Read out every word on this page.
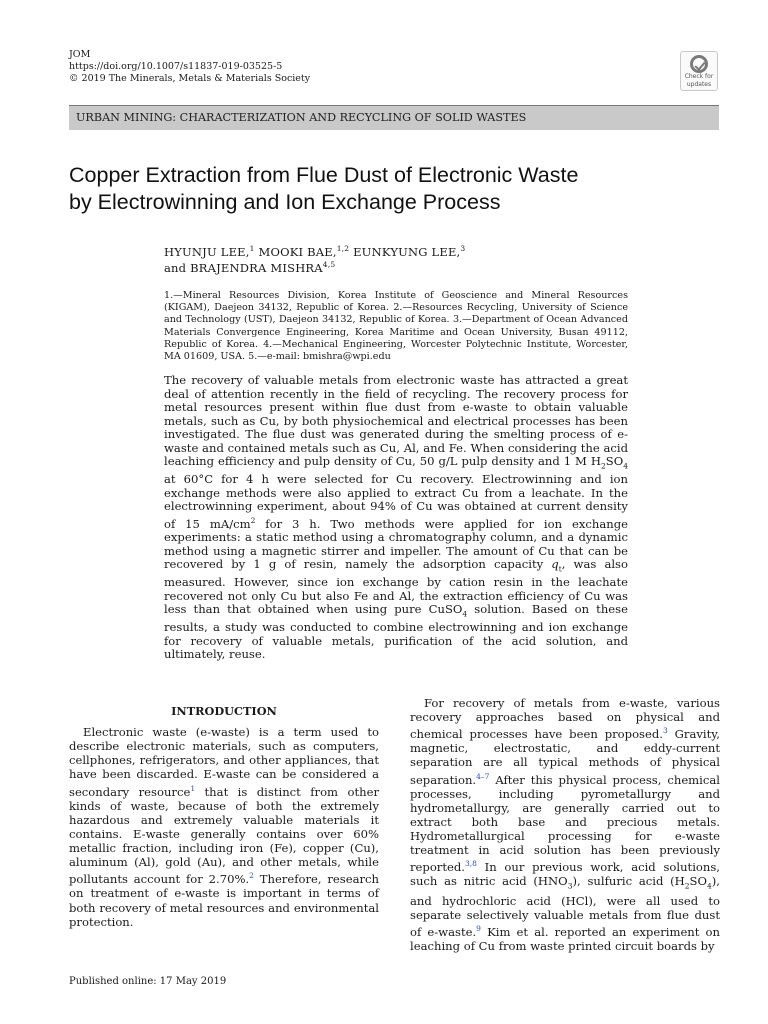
JOM
https://doi.org/10.1007/s11837-019-03525-5
© 2019 The Minerals, Metals & Materials Society	Check for
updates
URBAN MINING: CHARACTERIZATION AND RECYCLING OF SOLID WASTES
Copper Extraction from Flue Dust of Electronic Waste
by Electrowinning and Ion Exchange Process
HYUNJU LEE,$^1$ MOOKI BAE,$^{1,2}$ EUNKYUNG LEE,$^3$
and BRAJENDRA MISHRA$^{4,5}$
1.—Mineral Resources Division, Korea Institute of Geoscience and Mineral Resources (KIGAM), Daejeon 34132, Republic of Korea. 2.—Resources Recycling, University of Science and Technology (UST), Daejeon 34132, Republic of Korea. 3.—Department of Ocean Advanced Materials Convergence Engineering, Korea Maritime and Ocean University, Busan 49112, Republic of Korea. 4.—Mechanical Engineering, Worcester Polytechnic Institute, Worcester, MA 01609, USA. 5.—e-mail: bmishra@wpi.edu
The recovery of valuable metals from electronic waste has attracted a great deal of attention recently in the field of recycling. The recovery process for metal resources present within flue dust from e-waste to obtain valuable metals, such as Cu, by both physiochemical and electrical processes has been investigated. The flue dust was generated during the smelting process of e-waste and contained metals such as Cu, Al, and Fe. When considering the acid leaching efficiency and pulp density of Cu, 50 g/L pulp density and 1 M $H_2SO_4$ at 60°C for 4 h were selected for Cu recovery. Electrowinning and ion exchange methods were also applied to extract Cu from a leachate. In the electrowinning experiment, about 94% of Cu was obtained at current density of 15 $mA/cm^2$ for 3 h. Two methods were applied for ion exchange experiments: a static method using a chromatography column, and a dynamic method using a magnetic stirrer and impeller. The amount of Cu that can be recovered by 1 g of resin, namely the adsorption capacity $q_t$, was also measured. However, since ion exchange by cation resin in the leachate recovered not only Cu but also Fe and Al, the extraction efficiency of Cu was less than that obtained when using pure CuSO$_4$ solution. Based on these results, a study was conducted to combine electrowinning and ion exchange for recovery of valuable metals, purification of the acid solution, and ultimately, reuse.
INTRODUCTION

Electronic waste (e-waste) is a term used to describe electronic materials, such as computers, cellphones, refrigerators, and other appliances, that have been discarded. E-waste can be considered a secondary resource$^1$ that is distinct from other kinds of waste, because of both the extremely hazardous and extremely valuable materials it contains. E-waste generally contains over 60% metallic fraction, including iron (Fe), copper (Cu), aluminum (Al), gold (Au), and other metals, while pollutants account for 2.70%.$^2$ Therefore, research on treatment of e-waste is important in terms of both recovery of metal resources and environmental protection.

For recovery of metals from e-waste, various recovery approaches based on physical and chemical processes have been proposed.$^3$ Gravity, magnetic, electrostatic, and eddy-current separation are all typical methods of physical separation.$^{4-7}$ After this physical process, chemical processes, including pyrometallurgy and hydrometallurgy, are generally carried out to extract both base and precious metals. Hydrometallurgical processing for e-waste treatment in acid solution has been previously reported.$^{3,8}$ In our previous work, acid solutions, such as nitric acid $(HNO_3)$, sulfuric acid $(H_2SO_4)$, and hydrochloric acid (HCl), were all used to separate selectively valuable metals from flue dust of e-waste.$^9$ Kim et al. reported an experiment on leaching of Cu from waste printed circuit boards by

Published online: 17 May 2019
